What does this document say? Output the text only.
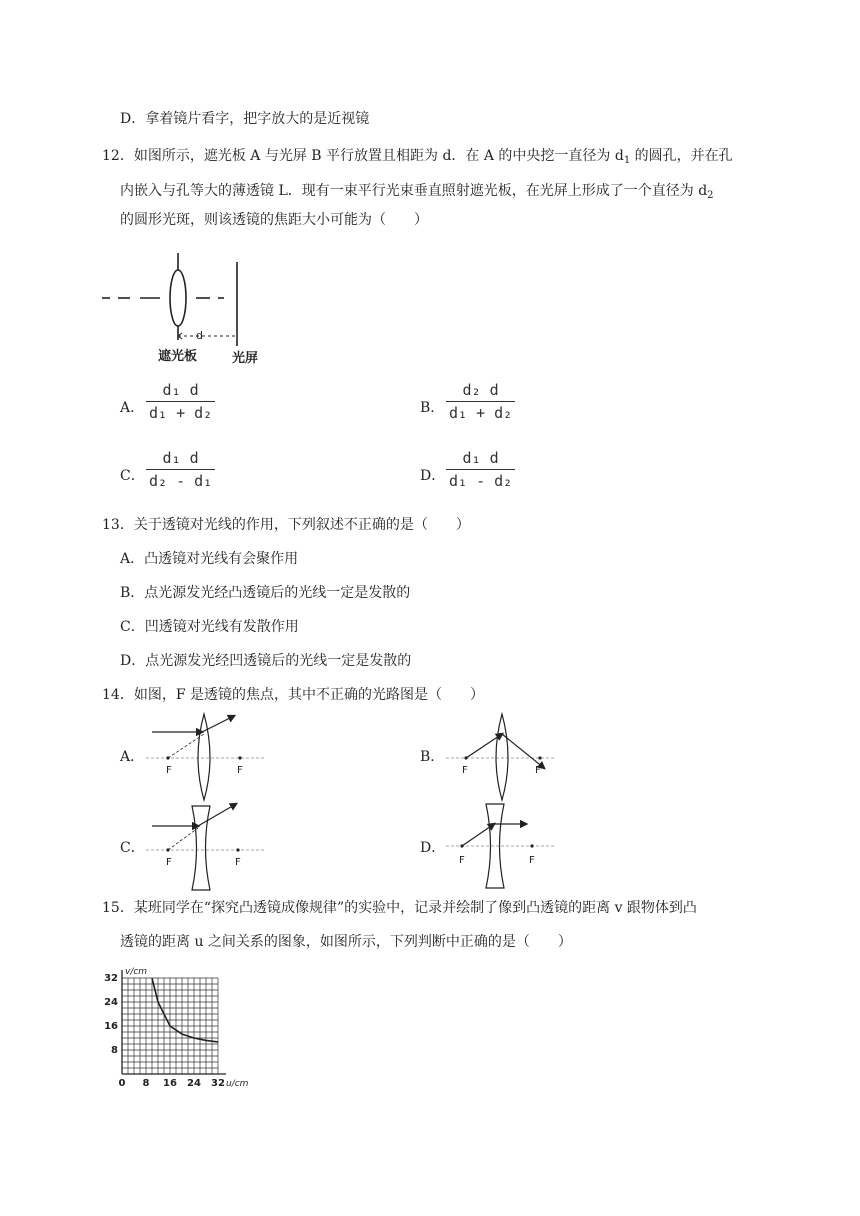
D．拿着镜片看字，把字放大的是近视镜
12．如图所示，遮光板 A 与光屏 B 平行放置且相距为 d．在 A 的中央挖一直径为 $d_1$ 的圆孔，并在孔
内嵌入与孔等大的薄透镜 L．现有一束平行光束垂直照射遮光板，在光屏上形成了一个直径为 $d_2$
的圆形光斑，则该透镜的焦距大小可能为（　　）
d
遮光板	光屏
A．
d₁ d
d₁ + d₂	B．
d₂ d
d₁ + d₂
C．
d₁ d
d₂ - d₁	D．
d₁ d
d₁ - d₂
13．关于透镜对光线的作用，下列叙述不正确的是（　　）
A．凸透镜对光线有会聚作用
B．点光源发光经凸透镜后的光线一定是发散的
C．凹透镜对光线有发散作用
D．点光源发光经凹透镜后的光线一定是发散的
14．如图，F 是透镜的焦点，其中不正确的光路图是（　　）
A．
F	F
B．
F	F
C．
F	F
D．
F	F
15．某班同学在“探究凸透镜成像规律”的实验中，记录并绘制了像到凸透镜的距离 v 跟物体到凸
透镜的距离 u 之间关系的图象，如图所示，下列判断中正确的是（　　）
0 8 16 24 32
8
16
24
32
u/cm
v/cm
